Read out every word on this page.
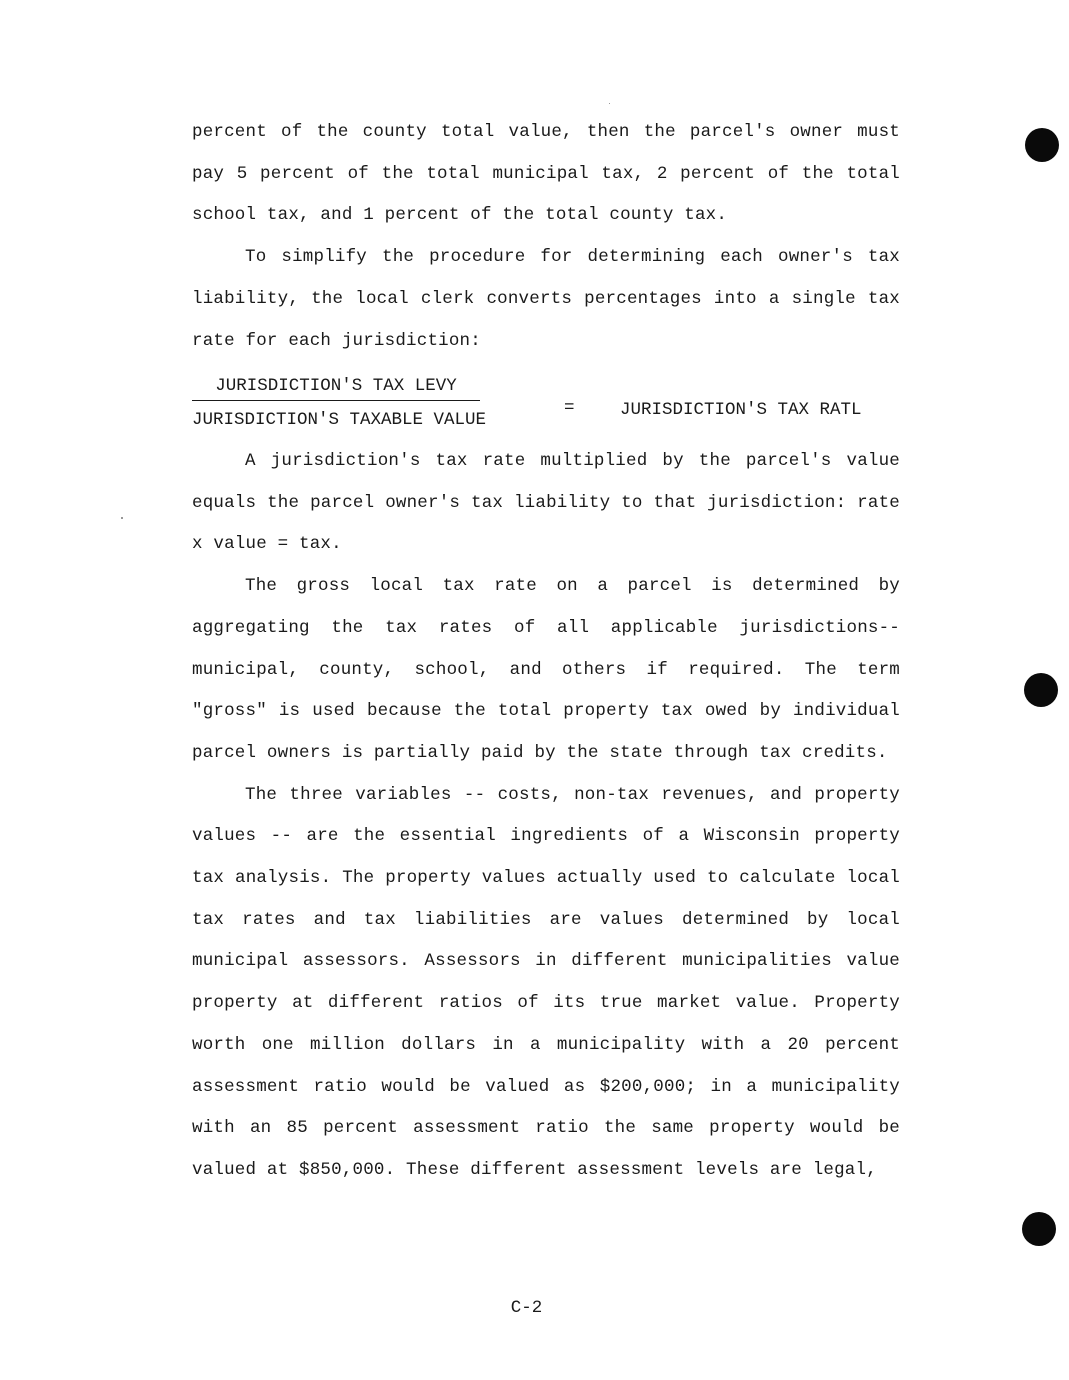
percent of the county total value, then the parcel's owner must pay 5 percent of the total municipal tax, 2 percent of the total school tax, and 1 percent of the total county tax.

To simplify the procedure for determining each owner's tax liability, the local clerk converts percentages into a single tax rate for each jurisdiction:

JURISDICTION'S TAX LEVY
JURISDICTION'S TAXABLE VALUE
=	JURISDICTION'S TAX RATL

A jurisdiction's tax rate multiplied by the parcel's value equals the parcel owner's tax liability to that jurisdiction: rate x value = tax.

The gross local tax rate on a parcel is determined by aggregating the tax rates of all applicable jurisdictions--municipal, county, school, and others if required. The term "gross" is used because the total property tax owed by individual parcel owners is partially paid by the state through tax credits.

The three variables -- costs, non-tax revenues, and property values -- are the essential ingredients of a Wisconsin property tax analysis. The property values actually used to calculate local tax rates and tax liabilities are values determined by local municipal assessors. Assessors in different municipalities value property at different ratios of its true market value. Property worth one million dollars in a municipality with a 20 percent assessment ratio would be valued as $200,000; in a municipality with an 85 percent assessment ratio the same property would be valued at $850,000. These different assessment levels are legal,

C-2
